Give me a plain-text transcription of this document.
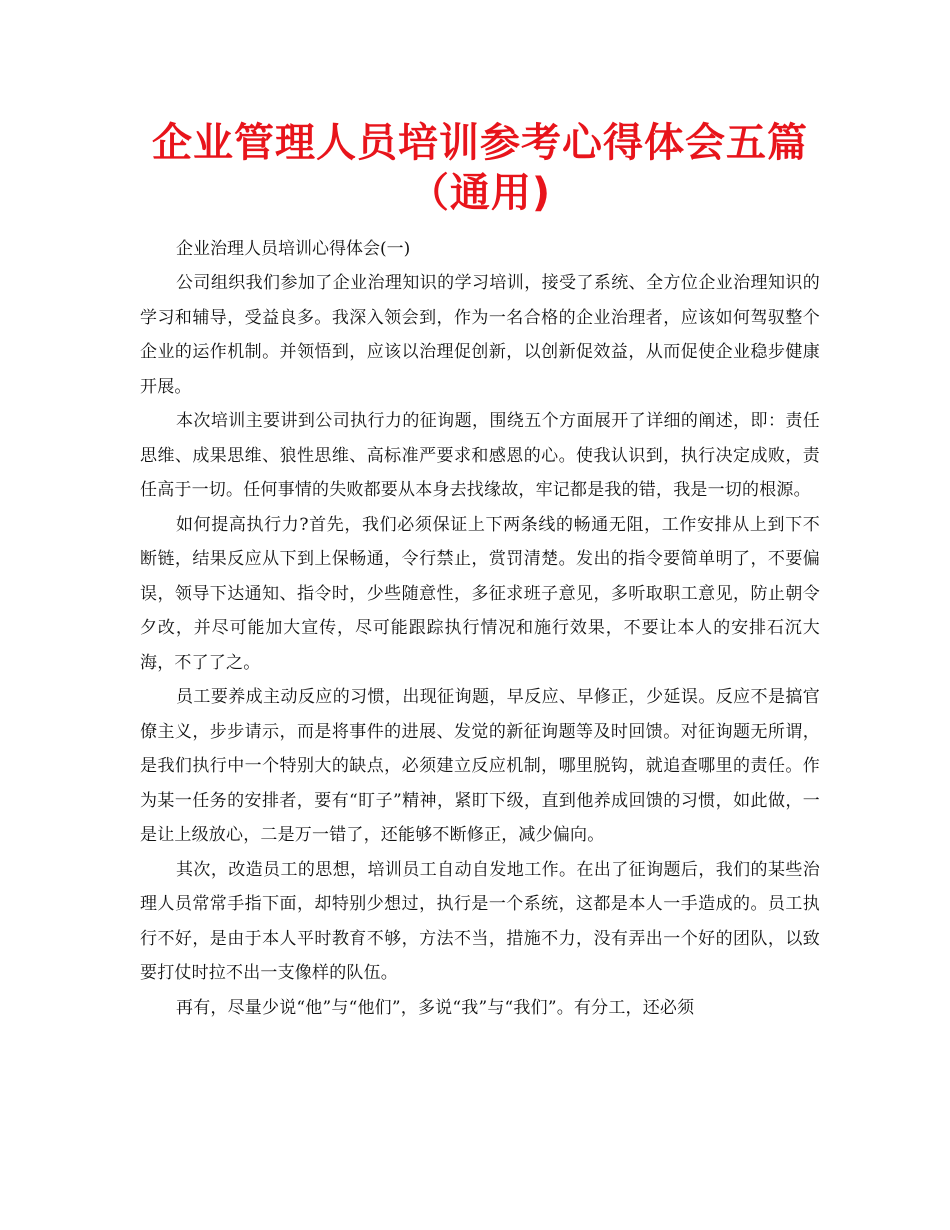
企业管理人员培训参考心得体会五篇（通用)

企业治理人员培训心得体会(一)

公司组织我们参加了企业治理知识的学习培训，接受了系统、全方位企业治理知识的学习和辅导，受益良多。我深入领会到，作为一名合格的企业治理者，应该如何驾驭整个企业的运作机制。并领悟到，应该以治理促创新，以创新促效益，从而促使企业稳步健康开展。

本次培训主要讲到公司执行力的征询题，围绕五个方面展开了详细的阐述，即：责任思维、成果思维、狼性思维、高标准严要求和感恩的心。使我认识到，执行决定成败，责任高于一切。任何事情的失败都要从本身去找缘故，牢记都是我的错，我是一切的根源。

如何提高执行力?首先，我们必须保证上下两条线的畅通无阻，工作安排从上到下不断链，结果反应从下到上保畅通，令行禁止，赏罚清楚。发出的指令要简单明了，不要偏误，领导下达通知、指令时，少些随意性，多征求班子意见，多听取职工意见，防止朝令夕改，并尽可能加大宣传，尽可能跟踪执行情况和施行效果，不要让本人的安排石沉大海，不了了之。

员工要养成主动反应的习惯，出现征询题，早反应、早修正，少延误。反应不是搞官僚主义，步步请示，而是将事件的进展、发觉的新征询题等及时回馈。对征询题无所谓，是我们执行中一个特别大的缺点，必须建立反应机制，哪里脱钩，就追查哪里的责任。作为某一任务的安排者，要有“盯子”精神，紧盯下级，直到他养成回馈的习惯，如此做，一是让上级放心，二是万一错了，还能够不断修正，减少偏向。

其次，改造员工的思想，培训员工自动自发地工作。在出了征询题后，我们的某些治理人员常常手指下面，却特别少想过，执行是一个系统，这都是本人一手造成的。员工执行不好，是由于本人平时教育不够，方法不当，措施不力，没有弄出一个好的团队，以致要打仗时拉不出一支像样的队伍。

再有，尽量少说“他”与“他们”，多说“我”与“我们”。有分工，还必须
